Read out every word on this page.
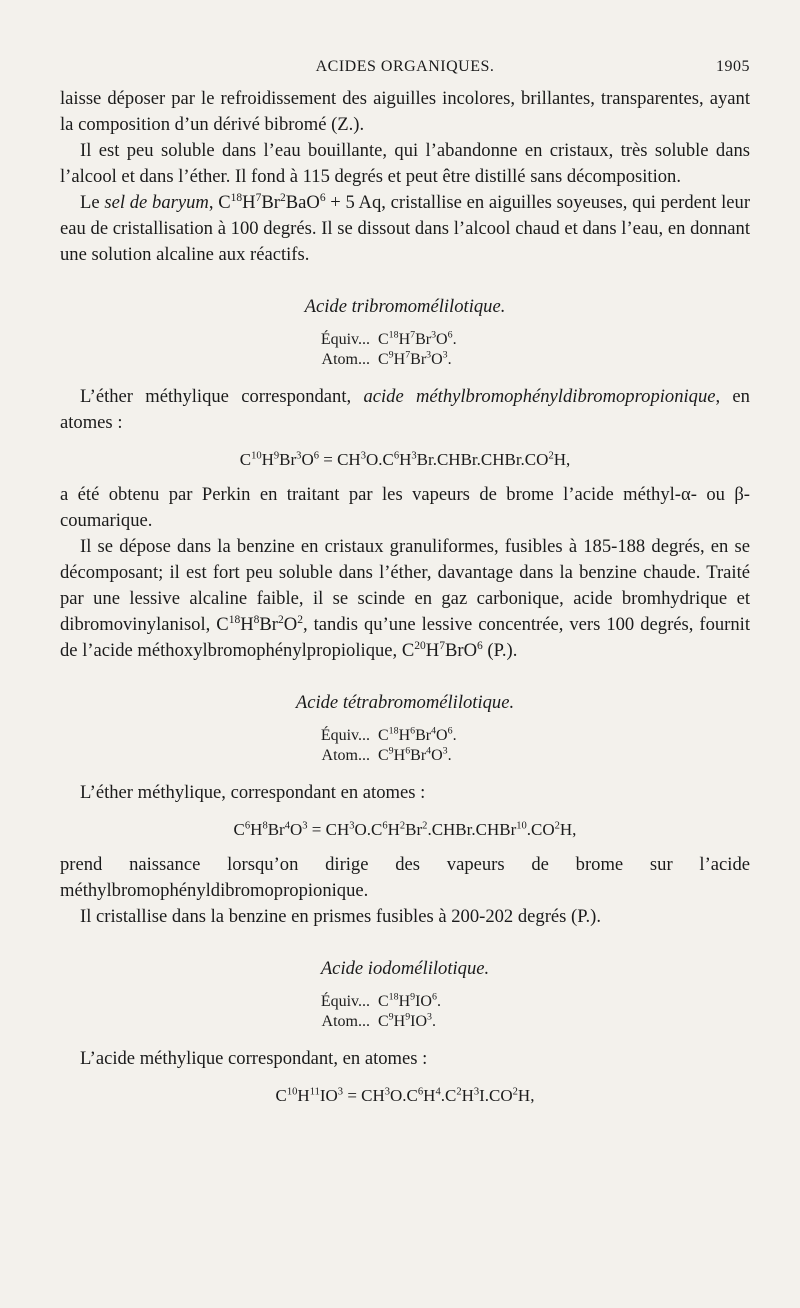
ACIDES ORGANIQUES.	1905

laisse déposer par le refroidissement des aiguilles incolores, brillantes, transparentes, ayant la composition d’un dérivé bibromé (Z.).

Il est peu soluble dans l’eau bouillante, qui l’abandonne en cristaux, très soluble dans l’alcool et dans l’éther. Il fond à 115 degrés et peut être distillé sans décomposition.

Le sel de baryum, $C^{18}H^7Br^2BaO^6 + 5$ Aq, cristallise en aiguilles soyeuses, qui perdent leur eau de cristallisation à 100 degrés. Il se dissout dans l’alcool chaud et dans l’eau, en donnant une solution alcaline aux réactifs.

Acide tribromomélilotique.
Équiv... $C^{18}H^7Br^3O^6$.
Atom... $C^9H^7Br^3O^3$.

L’éther méthylique correspondant, acide méthylbromophényldibromopropionique, en atomes :

$C^{10}H^9Br^3O^6$ = $CH^3O.C^6H^3Br.CHBr.CHBr.CO^2H$,

a été obtenu par Perkin en traitant par les vapeurs de brome l’acide méthyl-α- ou β-coumarique.

Il se dépose dans la benzine en cristaux granuliformes, fusibles à 185-188 degrés, en se décomposant; il est fort peu soluble dans l’éther, davantage dans la benzine chaude. Traité par une lessive alcaline faible, il se scinde en gaz carbonique, acide bromhydrique et dibromovinylanisol, $C^{18}H^8Br^2O^2$, tandis qu’une lessive concentrée, vers 100 degrés, fournit de l’acide méthoxylbromophénylpropiolique, $C^{20}H^7BrO^6$ (P.).

Acide tétrabromomélilotique.
Équiv... $C^{18}H^6Br^4O^6$.
Atom... $C^9H^6Br^4O^3$.

L’éther méthylique, correspondant en atomes :

$C^6H^8Br^4O^3$ = $CH^3O.C^6H^2Br^2.CHBr.CHBr^{10}.CO^2H$,

prend naissance lorsqu’on dirige des vapeurs de brome sur l’acide méthylbromophényldibromopropionique.

Il cristallise dans la benzine en prismes fusibles à 200-202 degrés (P.).

Acide iodomélilotique.
Équiv... $C^{18}H^9IO^6$.
Atom... $C^9H^9IO^3$.

L’acide méthylique correspondant, en atomes :

$C^{10}H^{11}IO^3 = CH^3O.C^6H^4.C^2H^3I.CO^2H$,
